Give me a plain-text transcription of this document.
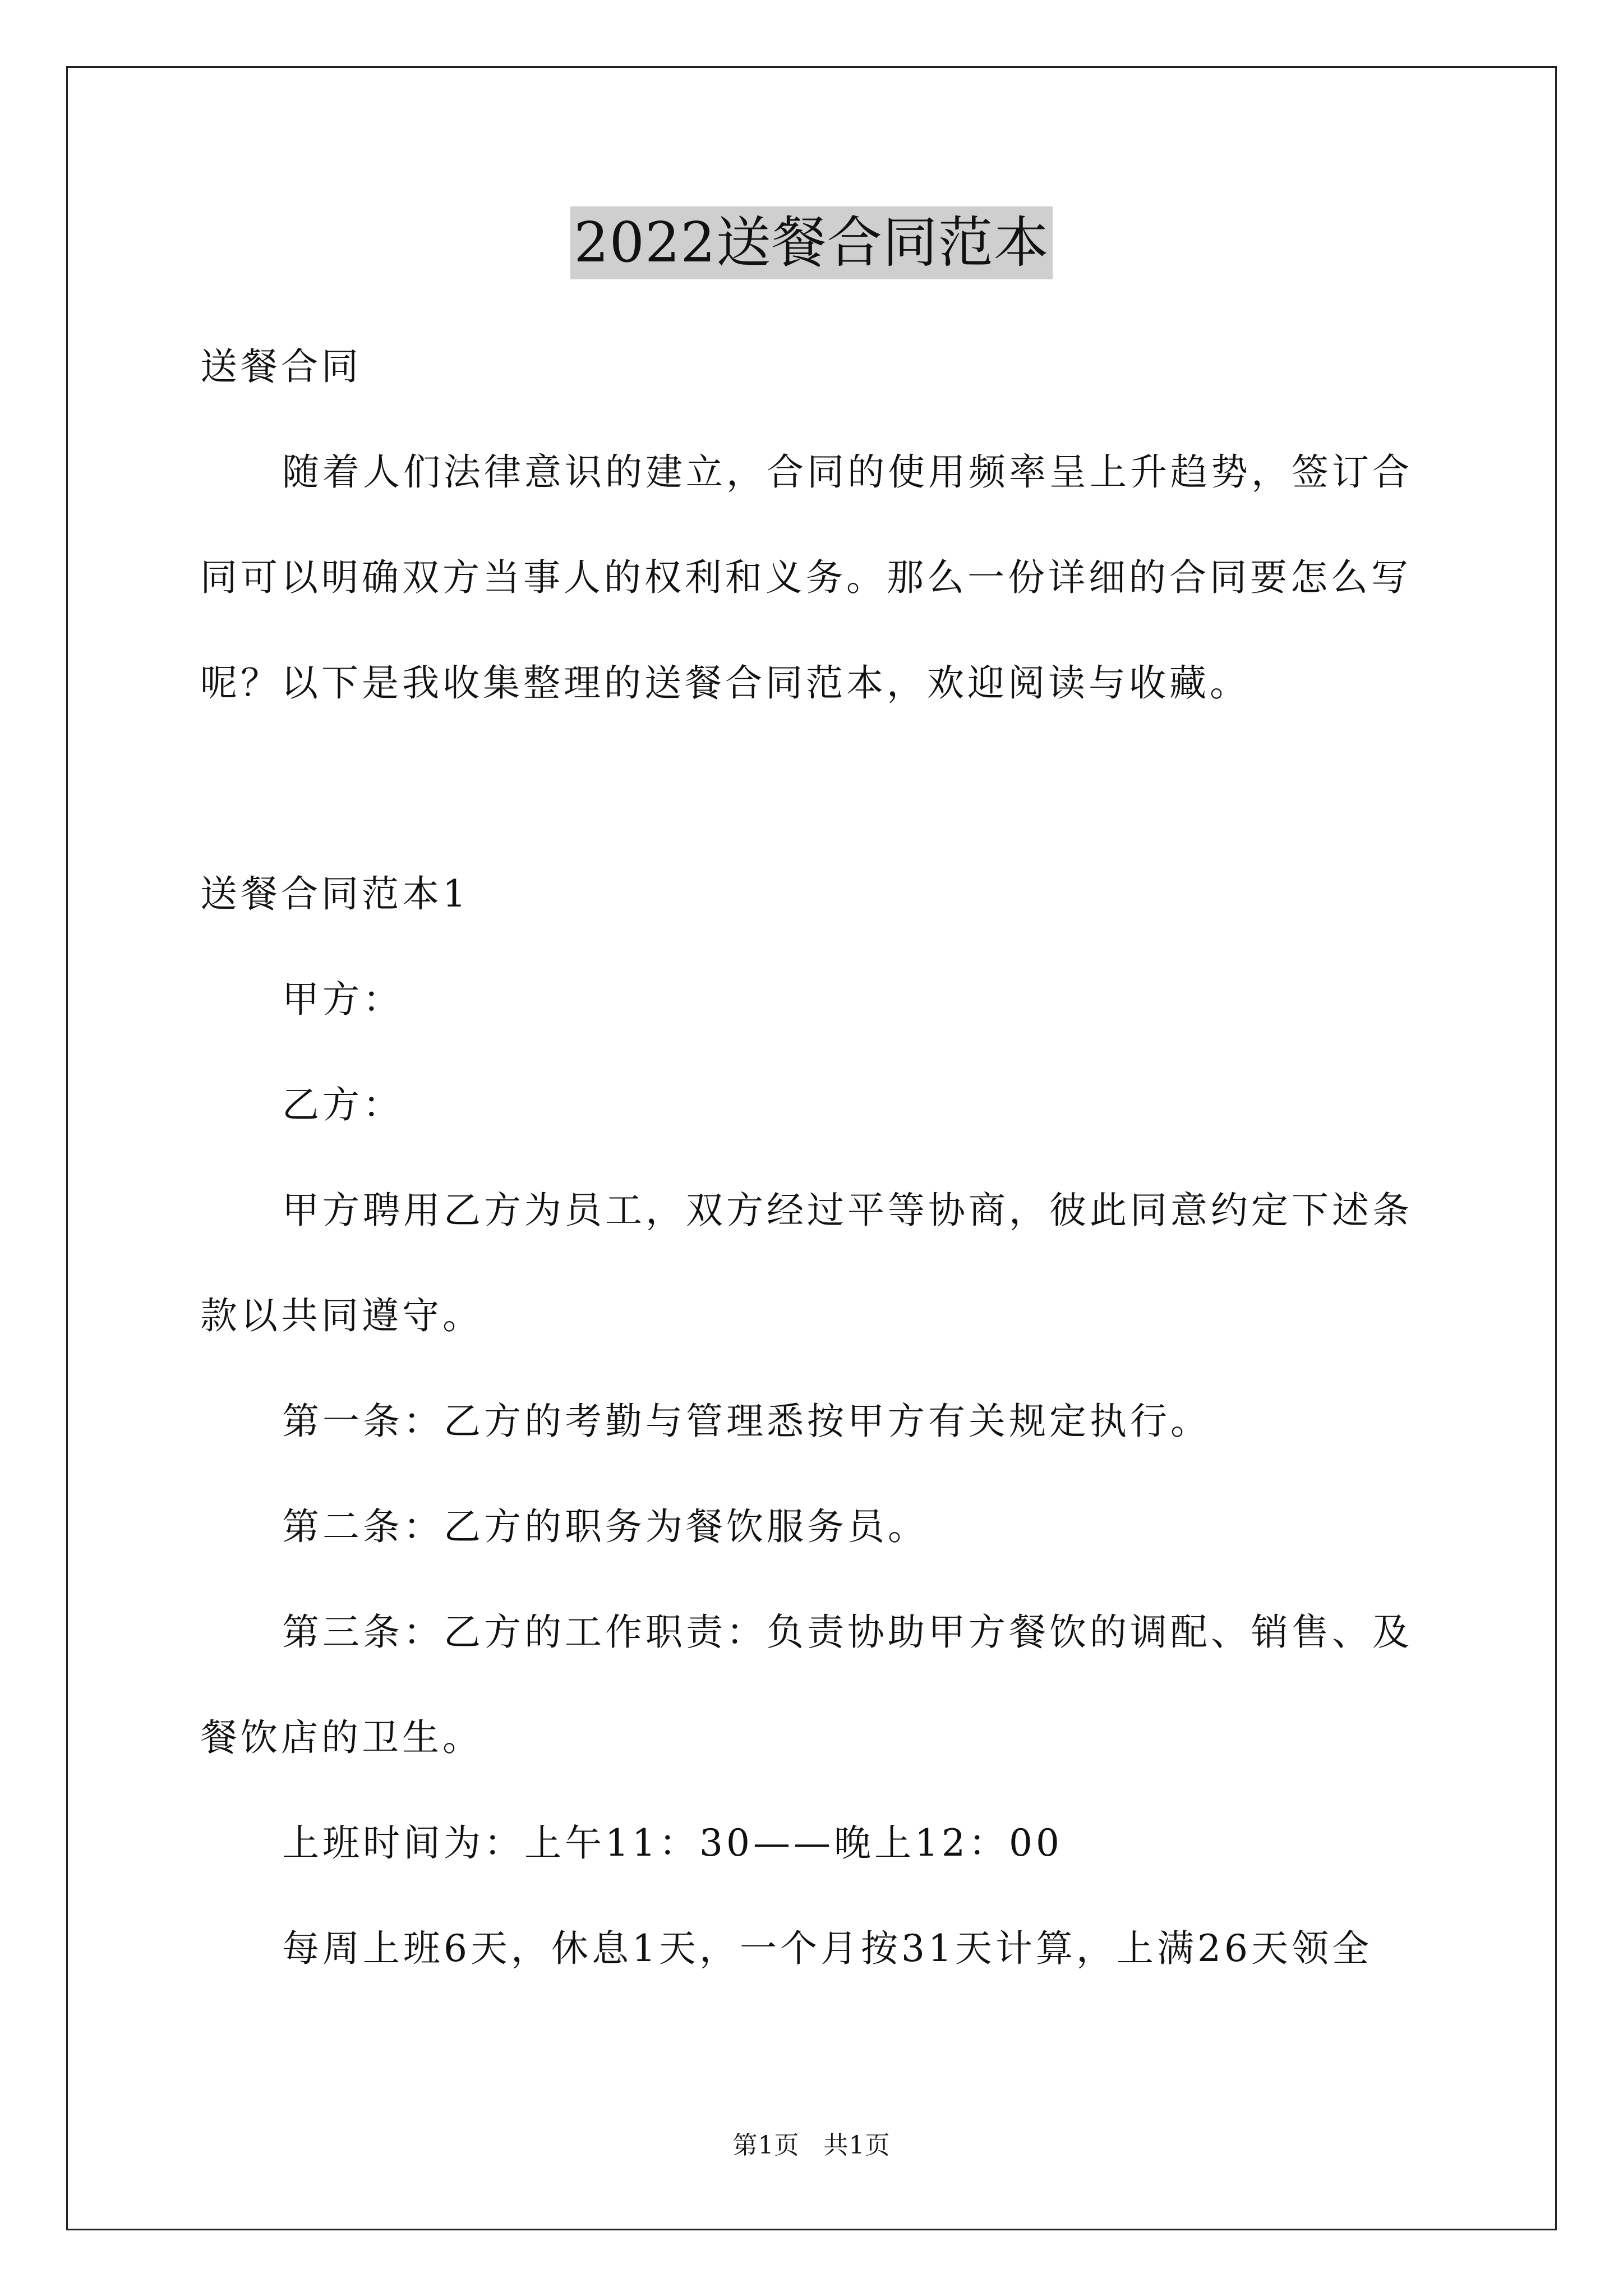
2022送餐合同范本

送餐合同

随着人们法律意识的建立，合同的使用频率呈上升趋势，签订合同可以明确双方当事人的权利和义务。那么一份详细的合同要怎么写呢？以下是我收集整理的送餐合同范本，欢迎阅读与收藏。

送餐合同范本1

甲方：

乙方：

甲方聘用乙方为员工，双方经过平等协商，彼此同意约定下述条款以共同遵守。

第一条：乙方的考勤与管理悉按甲方有关规定执行。

第二条：乙方的职务为餐饮服务员。

第三条：乙方的工作职责：负责协助甲方餐饮的调配、销售、及餐饮店的卫生。

上班时间为：上午11：30——晚上12：00

每周上班6天，休息1天，一个月按31天计算，上满26天领全

第1页 共1页
